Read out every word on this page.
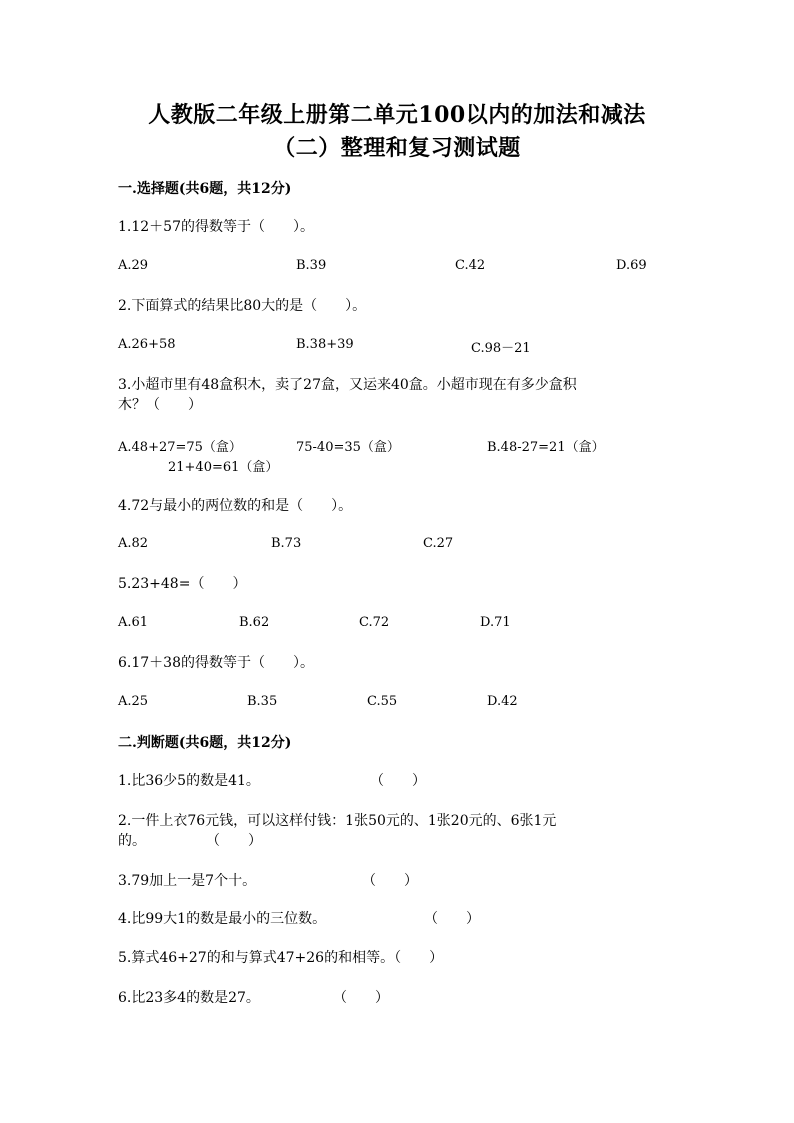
人教版二年级上册第二单元100以内的加法和减法
（二）整理和复习测试题
一.选择题(共6题，共12分)
1.12＋57的得数等于（　　）。
A.29	B.39	C.42	D.69
2.下面算式的结果比80大的是（　　）。
A.26+58	B.38+39	C.98－21
3.小超市里有48盒积木，卖了27盒，又运来40盒。小超市现在有多少盒积
木？（　　）
A.48+27=75（盒）	75-40=35（盒）	B.48-27=21（盒）
21+40=61（盒）
4.72与最小的两位数的和是（　　）。
A.82	B.73	C.27
5.23+48=（　　）
A.61	B.62	C.72	D.71
6.17＋38的得数等于（　　）。
A.25	B.35	C.55	D.42
二.判断题(共6题，共12分)
1.比36少5的数是41。	（　　）
2.一件上衣76元钱，可以这样付钱：1张50元的、1张20元的、6张1元
的。	（　　）
3.79加上一是7个十。	（　　）
4.比99大1的数是最小的三位数。	（　　）
5.算式46+27的和与算式47+26的和相等。（　　）
6.比23多4的数是27。	（　　）
